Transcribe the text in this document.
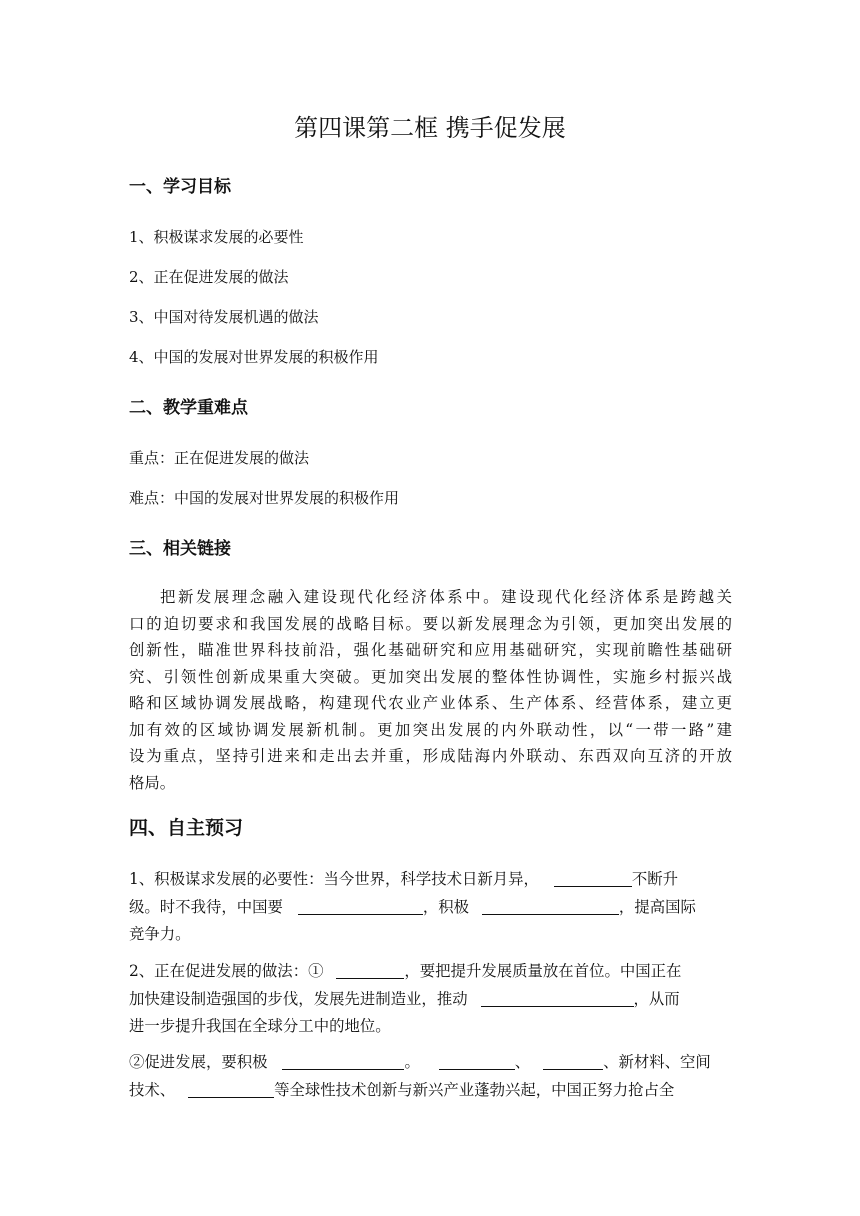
第四课第二框 携手促发展
一、学习目标
1、积极谋求发展的必要性
2、正在促进发展的做法
3、中国对待发展机遇的做法
4、中国的发展对世界发展的积极作用
二、教学重难点
重点：正在促进发展的做法
难点：中国的发展对世界发展的积极作用
三、相关链接
把新发展理念融入建设现代化经济体系中。建设现代化经济体系是跨越关
口的迫切要求和我国发展的战略目标。要以新发展理念为引领，更加突出发展的
创新性，瞄准世界科技前沿，强化基础研究和应用基础研究，实现前瞻性基础研
究、引领性创新成果重大突破。更加突出发展的整体性协调性，实施乡村振兴战
略和区域协调发展战略，构建现代农业产业体系、生产体系、经营体系，建立更
加有效的区域协调发展新机制。更加突出发展的内外联动性，以“一带一路”建
设为重点，坚持引进来和走出去并重，形成陆海内外联动、东西双向互济的开放
格局。
四、自主预习
1、积极谋求发展的必要性：当今世界，科学技术日新月异，	不断升
级。时不我待，中国要	，积极	，提高国际
竞争力。
2、正在促进发展的做法：①	，要把提升发展质量放在首位。中国正在
加快建设制造强国的步伐，发展先进制造业，推动	，从而
进一步提升我国在全球分工中的地位。
②促进发展，要积极	。	、	、新材料、空间
技术、	等全球性技术创新与新兴产业蓬勃兴起，中国正努力抢占全
